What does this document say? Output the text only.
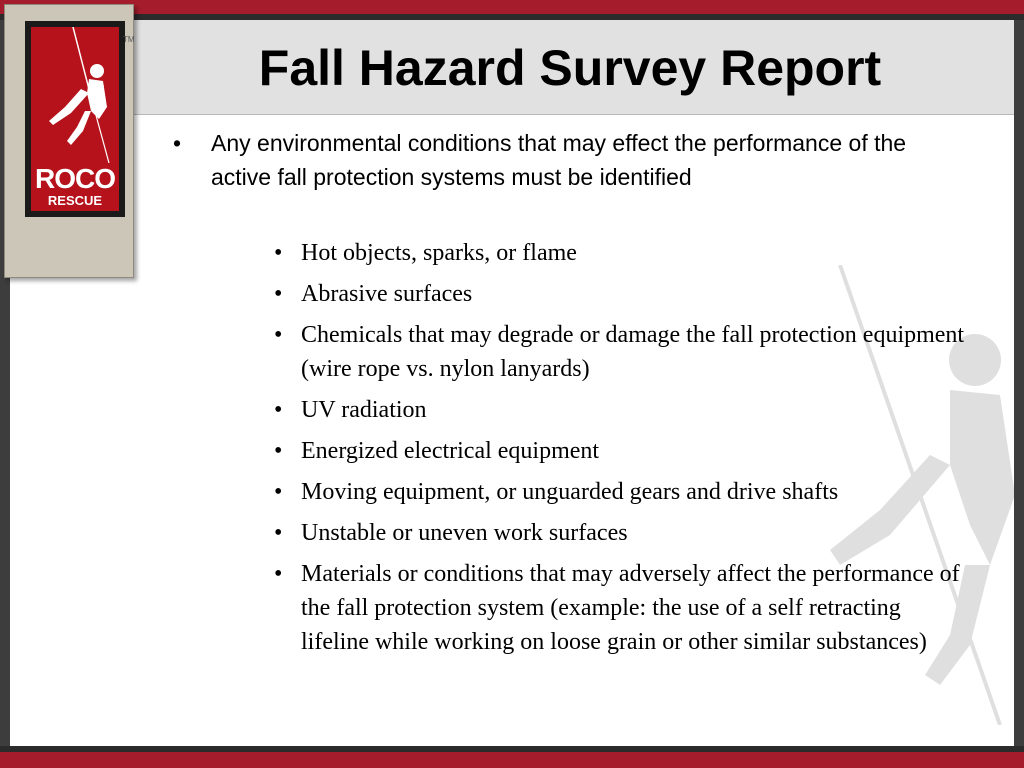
Fall Hazard Survey Report
ROCO
RESCUE
TM
•	Any environmental conditions that may effect the performance of the active fall protection systems must be identified
• Hot objects, sparks, or flame
• Abrasive surfaces
• Chemicals that may degrade or damage the fall protection equipment (wire rope vs. nylon lanyards)
• UV radiation
• Energized electrical equipment
• Moving equipment, or unguarded gears and drive shafts
• Unstable or uneven work surfaces
• Materials or conditions that may adversely affect the performance of the fall protection system (example: the use of a self retracting lifeline while working on loose grain or other similar substances)
